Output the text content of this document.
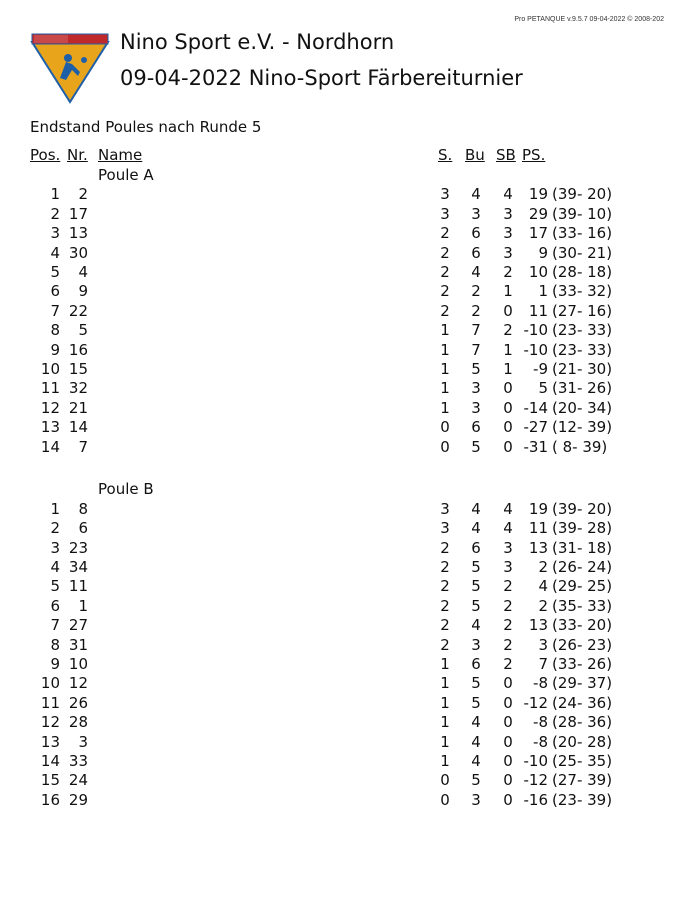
Pro PETANQUE v.9.5.7 09-04-2022 © 2008-202
Nino Sport e.V. - Nordhorn
09-04-2022 Nino-Sport Färbereiturnier
Endstand Poules nach Runde 5
Pos. Nr. Name	S. Bu SB PS.
Poule A
1	2	3	4	4	19 (39- 20)
2 17	3	3	3	29 (39- 10)
3 13	2	6	3	17 (33- 16)
4 30	2	6	3	9 (30- 21)
5	4	2	4	2	10 (28- 18)
6	9	2	2	1	1 (33- 32)
7 22	2	2	0	11 (27- 16)
8	5	1	7	2 -10 (23- 33)
9 16	1	7	1 -10 (23- 33)
10 15	1	5	1	-9 (21- 30)
11 32	1	3	0	5 (31- 26)
12 21	1	3	0 -14 (20- 34)
13 14	0	6	0 -27 (12- 39)
14	7	0	5	0 -31 ( 8- 39)
Poule B
1	8	3	4	4	19 (39- 20)
2	6	3	4	4	11 (39- 28)
3 23	2	6	3	13 (31- 18)
4 34	2	5	3	2 (26- 24)
5 11	2	5	2	4 (29- 25)
6	1	2	5	2	2 (35- 33)
7 27	2	4	2	13 (33- 20)
8 31	2	3	2	3 (26- 23)
9 10	1	6	2	7 (33- 26)
10 12	1	5	0	-8 (29- 37)
11 26	1	5	0 -12 (24- 36)
12 28	1	4	0	-8 (28- 36)
13	3	1	4	0	-8 (20- 28)
14 33	1	4	0 -10 (25- 35)
15 24	0	5	0 -12 (27- 39)
16 29	0	3	0 -16 (23- 39)
